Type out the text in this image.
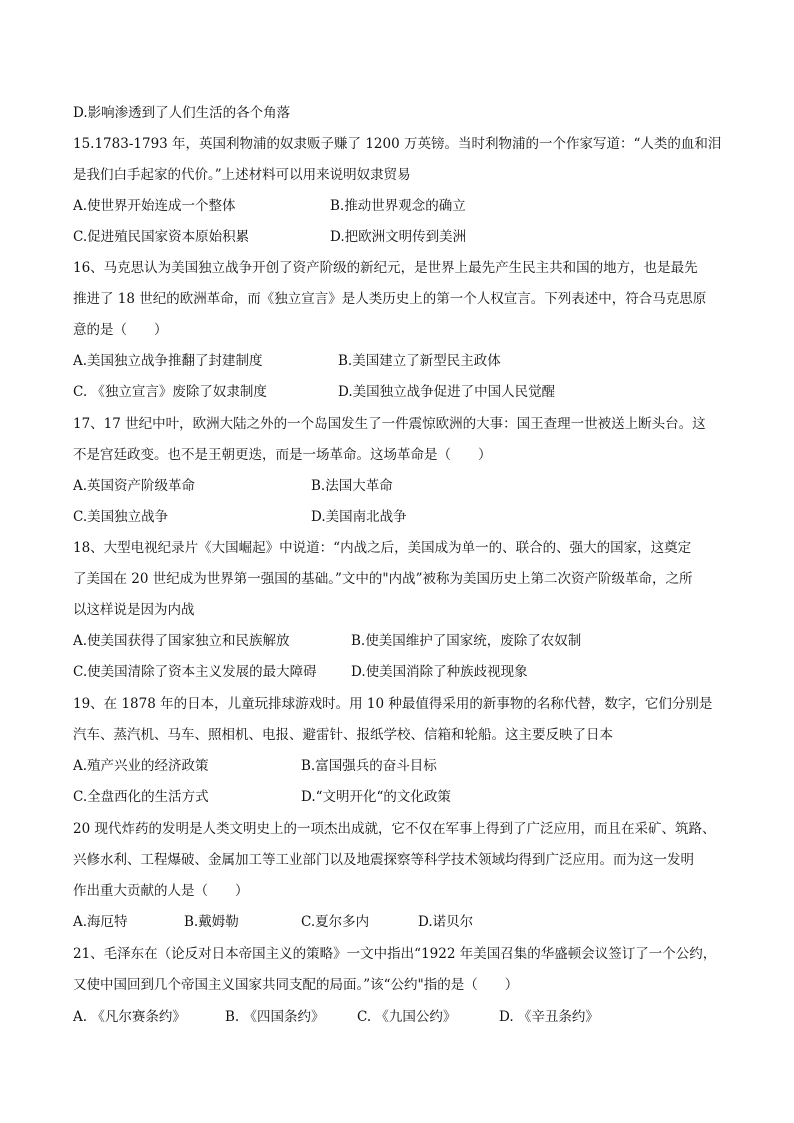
D.影响渗透到了人们生活的各个角落
15.1783-1793 年，英国利物浦的奴隶贩子赚了 1200 万英镑。当时利物浦的一个作家写道：“人类的血和泪
是我们白手起家的代价。”上述材料可以用来说明奴隶贸易
A.使世界开始连成一个整体	B.推动世界观念的确立
C.促进殖民国家资本原始积累	D.把欧洲文明传到美洲
16、马克思认为美国独立战争开创了资产阶级的新纪元，是世界上最先产生民主共和国的地方，也是最先
推进了 18 世纪的欧洲革命，而《独立宣言》是人类历史上的第一个人权宣言。下列表述中，符合马克思原
意的是（　　）
A.美国独立战争推翻了封建制度	B.美国建立了新型民主政体
C. 《独立宣言》废除了奴隶制度	D.美国独立战争促进了中国人民觉醒
17、17 世纪中叶，欧洲大陆之外的一个岛国发生了一件震惊欧洲的大事：国王查理一世被送上断头台。这
不是宫廷政变。也不是王朝更迭，而是一场革命。这场革命是（　　）
A.英国资产阶级革命	B.法国大革命
C.美国独立战争	D.美国南北战争
18、大型电视纪录片《大国崛起》中说道：“内战之后，美国成为单一的、联合的、强大的国家，这奠定
了美国在 20 世纪成为世界第一强国的基础。”文中的"内战”被称为美国历史上第二次资产阶级革命，之所
以这样说是因为内战
A.使美国获得了国家独立和民族解放	B.使美国维护了国家统，废除了农奴制
C.使美国清除了资本主义发展的最大障碍	D.使美国消除了种族歧视现象
19、在 1878 年的日本，儿童玩排球游戏时。用 10 种最值得采用的新事物的名称代替，数字，它们分别是
汽车、蒸汽机、马车、照相机、电报、避雷针、报纸学校、信箱和轮船。这主要反映了日本
A.殖产兴业的经济政策	B.富国强兵的奋斗目标
C.全盘西化的生活方式	D.“文明开化“的文化政策
20 现代炸药的发明是人类文明史上的一项杰出成就，它不仅在军事上得到了广泛应用，而且在采矿、筑路、
兴修水利、工程爆破、金属加工等工业部门以及地震探察等科学技术领域均得到广泛应用。而为这一发明
作出重大贡献的人是（　　）
A.海厄特	B.戴姆勒	C.夏尔多内	D.诺贝尔
21、毛泽东在（论反对日本帝国主义的策略》一文中指出“1922 年美国召集的华盛顿会议签订了一个公约，
又使中国回到几个帝国主义国家共同支配的局面。”该“公约"指的是（　　）
A. 《凡尔赛条约》	B. 《四国条约》 C. 《九国公约》	D. 《辛丑条约》
